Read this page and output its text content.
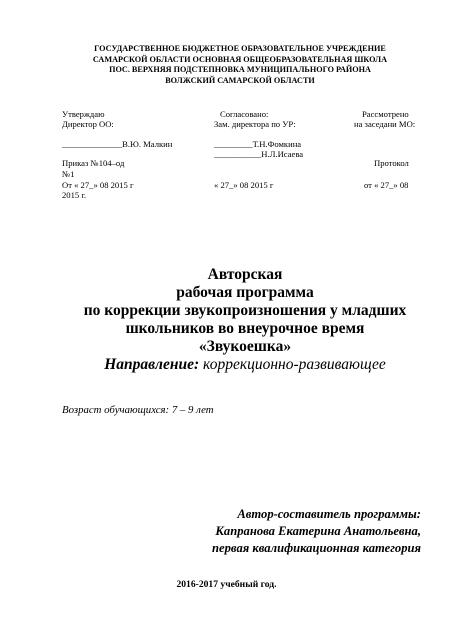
ГОСУДАРСТВЕННОЕ БЮДЖЕТНОЕ ОБРАЗОВАТЕЛЬНОЕ УЧРЕЖДЕНИЕ
САМАРСКОЙ ОБЛАСТИ ОСНОВНАЯ ОБЩЕОБРАЗОВАТЕЛЬНАЯ ШКОЛА
ПОС. ВЕРХНЯЯ ПОДСТЕПНОВКА МУНИЦИПАЛЬНОГО РАЙОНА
ВОЛЖСКИЙ САМАРСКОЙ ОБЛАСТИ
Утверждаю
Директор ОО:
______________В.Ю. Малкин
Приказ №104–од
№1
От « 27_» 08 2015 г
2015 г.
Согласовано:
Зам. директора по УР:
_________Т.Н.Фомкина
___________Н.Л.Исаева
« 27_» 08 2015 г
Рассмотрено
на заседани МО:
Протокол
от « 27_» 08
Авторская
рабочая программа
по коррекции звукопроизношения у младших
школьников во внеурочное время
«Звукоешка»
Направление: коррекционно-развивающее
Возраст обучающихся: 7 – 9 лет
Автор-составитель программы:
Капранова Екатерина Анатольевна,
первая квалификационная категория
2016-2017 учебный год.
